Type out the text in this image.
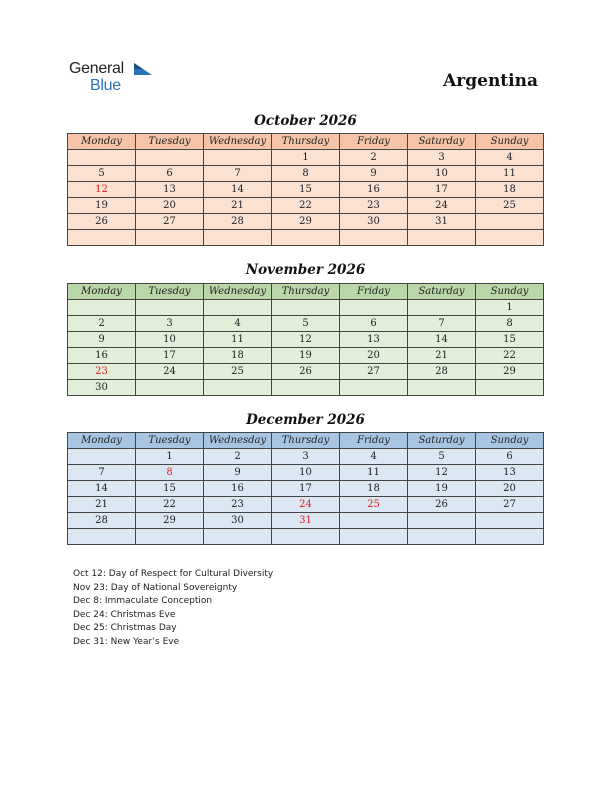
General
Blue	Argentina
October 2026
Monday	Tuesday	Wednesday	Thursday	Friday	Saturday	Sunday
			1	2	3	4
5	6	7	8	9	10	11
12	13	14	15	16	17	18
19	20	21	22	23	24	25
26	27	28	29	30	31	

November 2026
Monday	Tuesday	Wednesday	Thursday	Friday	Saturday	Sunday
						1
2	3	4	5	6	7	8
9	10	11	12	13	14	15
16	17	18	19	20	21	22
23	24	25	26	27	28	29
30						
December 2026
Monday	Tuesday	Wednesday	Thursday	Friday	Saturday	Sunday
	1	2	3	4	5	6
7	8	9	10	11	12	13
14	15	16	17	18	19	20
21	22	23	24	25	26	27
28	29	30	31			

Oct 12: Day of Respect for Cultural Diversity
Nov 23: Day of National Sovereignty
Dec 8: Immaculate Conception
Dec 24: Christmas Eve
Dec 25: Christmas Day
Dec 31: New Year’s Eve
